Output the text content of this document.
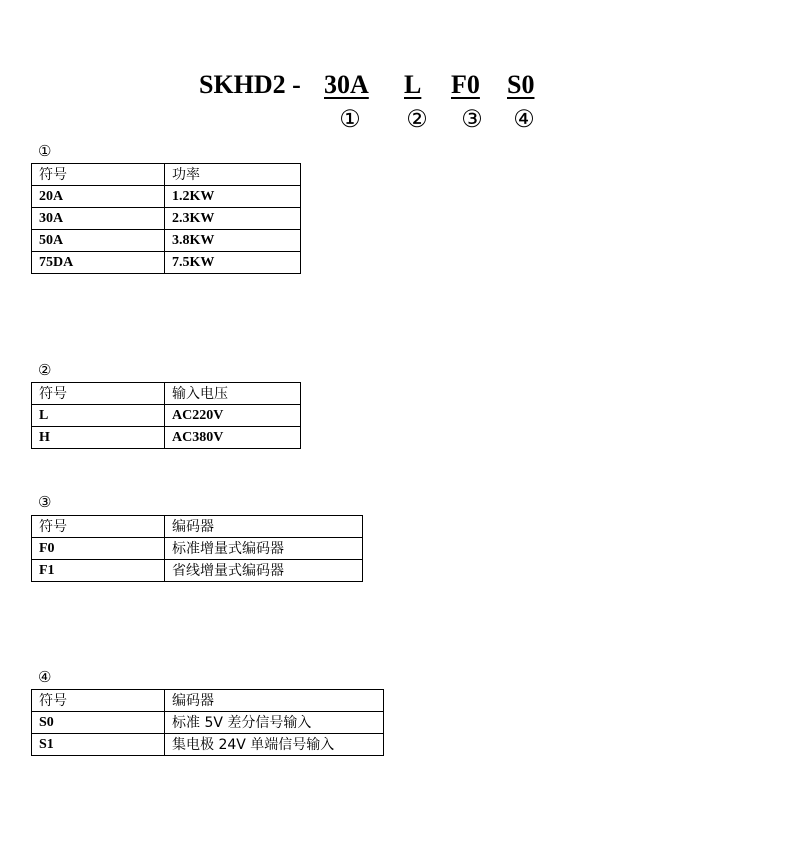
SKHD2 - 30A L F0 S0
①	②	③	④
①
符号	功率
20A	1.2KW
30A	2.3KW
50A	3.8KW
75DA	7.5KW
②
符号	输入电压
L	AC220V
H	AC380V
③
符号	编码器
F0	标准增量式编码器
F1	省线增量式编码器
④
符号	编码器
S0	标准 5V 差分信号输入
S1	集电极 24V 单端信号输入
